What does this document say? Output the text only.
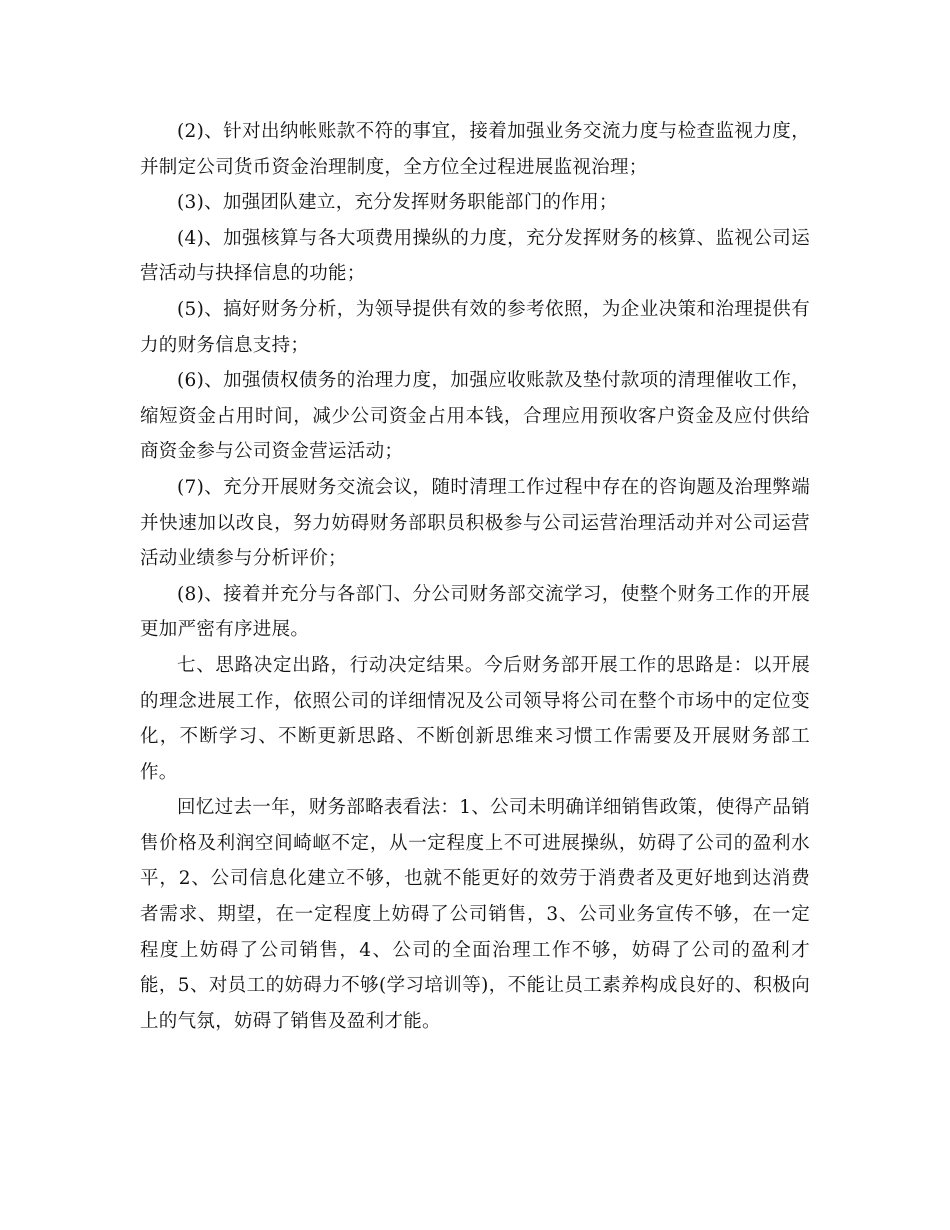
(2)、针对出纳帐账款不符的事宜，接着加强业务交流力度与检查监视力度，并制定公司货币资金治理制度，全方位全过程进展监视治理；

(3)、加强团队建立，充分发挥财务职能部门的作用；

(4)、加强核算与各大项费用操纵的力度，充分发挥财务的核算、监视公司运营活动与抉择信息的功能；

(5)、搞好财务分析，为领导提供有效的参考依照，为企业决策和治理提供有力的财务信息支持；

(6)、加强债权债务的治理力度，加强应收账款及垫付款项的清理催收工作，缩短资金占用时间，减少公司资金占用本钱，合理应用预收客户资金及应付供给商资金参与公司资金营运活动；

(7)、充分开展财务交流会议，随时清理工作过程中存在的咨询题及治理弊端并快速加以改良，努力妨碍财务部职员积极参与公司运营治理活动并对公司运营活动业绩参与分析评价；

(8)、接着并充分与各部门、分公司财务部交流学习，使整个财务工作的开展更加严密有序进展。

七、思路决定出路，行动决定结果。今后财务部开展工作的思路是：以开展的理念进展工作，依照公司的详细情况及公司领导将公司在整个市场中的定位变化，不断学习、不断更新思路、不断创新思维来习惯工作需要及开展财务部工作。

回忆过去一年，财务部略表看法：1、公司未明确详细销售政策，使得产品销售价格及利润空间崎岖不定，从一定程度上不可进展操纵，妨碍了公司的盈利水平，2、公司信息化建立不够，也就不能更好的效劳于消费者及更好地到达消费者需求、期望，在一定程度上妨碍了公司销售，3、公司业务宣传不够，在一定程度上妨碍了公司销售，4、公司的全面治理工作不够，妨碍了公司的盈利才能，5、对员工的妨碍力不够(学习培训等)，不能让员工素养构成良好的、积极向上的气氛，妨碍了销售及盈利才能。
